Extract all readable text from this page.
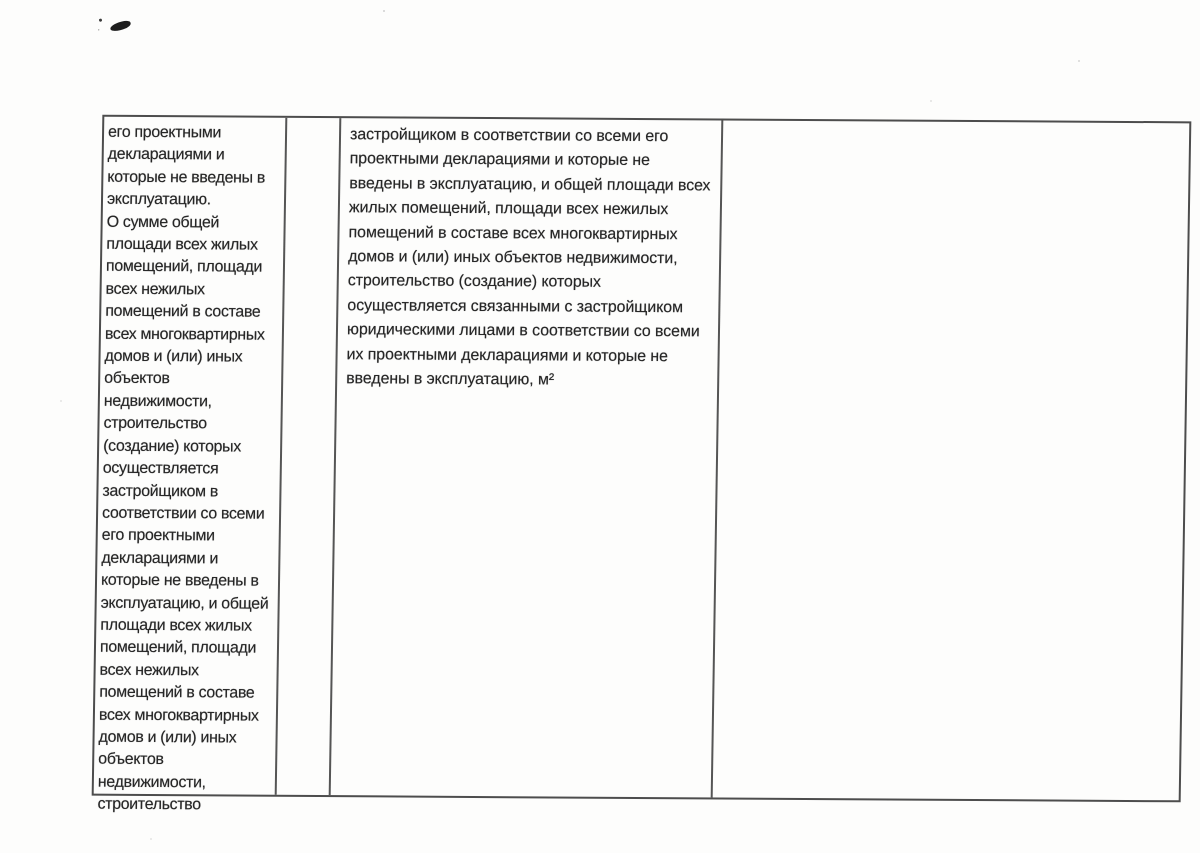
его проектными
декларациями и
которые не введены в
эксплуатацию.
О сумме общей
площади всех жилых
помещений, площади
всех нежилых
помещений в составе
всех многоквартирных
домов и (или) иных
объектов
недвижимости,
строительство
(создание) которых
осуществляется
застройщиком в
соответствии со всеми
его проектными
декларациями и
которые не введены в
эксплуатацию, и общей
площади всех жилых
помещений, площади
всех нежилых
помещений в составе
всех многоквартирных
домов и (или) иных
объектов
недвижимости,
строительство
застройщиком в соответствии со всеми его
проектными декларациями и которые не
введены в эксплуатацию, и общей площади всех
жилых помещений, площади всех нежилых
помещений в составе всех многоквартирных
домов и (или) иных объектов недвижимости,
строительство (создание) которых
осуществляется связанными с застройщиком
юридическими лицами в соответствии со всеми
их проектными декларациями и которые не
введены в эксплуатацию, м²
